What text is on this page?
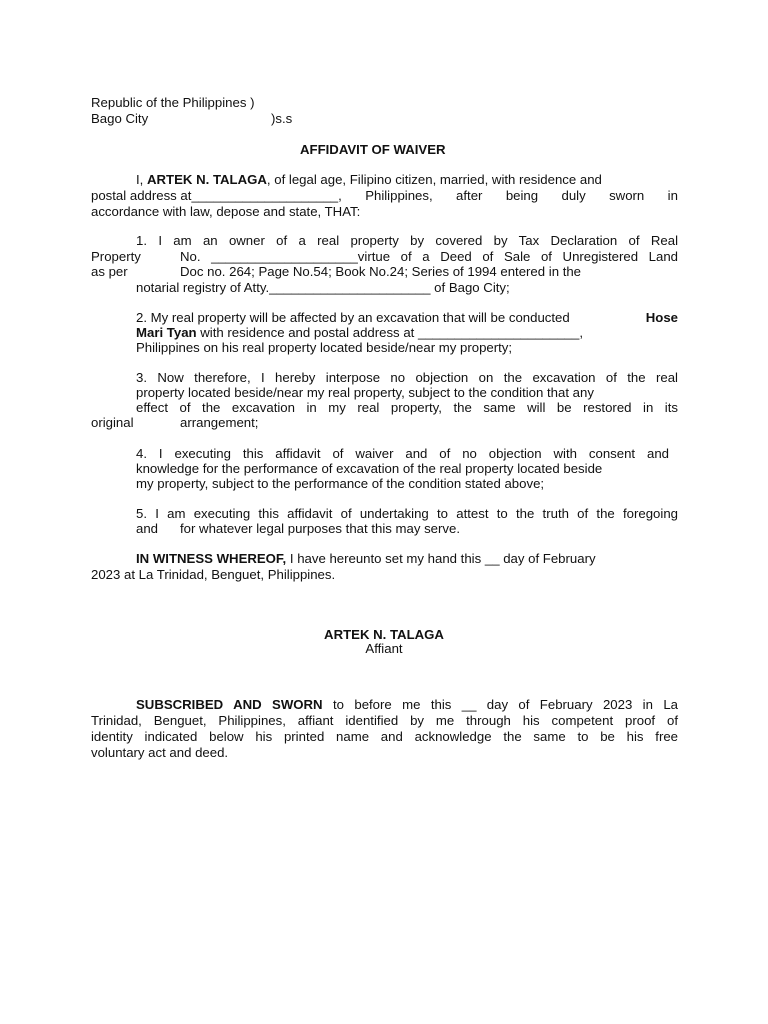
Republic of the Philippines )
Bago City	)s.s
AFFIDAVIT OF WAIVER
I, ARTEK N. TALAGA, of legal age, Filipino citizen, married, with residence and
postal address at____________________, Philippines, after being duly sworn in
accordance with law, depose and state, THAT:
1. I am an owner of a real property by covered by Tax Declaration of Real
Property	No. ____________________virtue of a Deed of Sale of Unregistered Land
as per	Doc no. 264; Page No.54; Book No.24; Series of 1994 entered in the
notarial registry of Atty.______________________ of Bago City;
2. My real property will be affected by an excavation that will be conducted	Hose
Mari Tyan with residence and postal address at ______________________,
Philippines on his real property located beside/near my property;
3. Now therefore, I hereby interpose no objection on the excavation of the real
property located beside/near my real property, subject to the condition that any
effect of the excavation in my real property, the same will be restored in its
original	arrangement;
4. I executing this affidavit of waiver and of no objection with consent and
knowledge for the performance of excavation of the real property located beside
my property, subject to the performance of the condition stated above;
5. I am executing this affidavit of undertaking to attest to the truth of the foregoing
and for whatever legal purposes that this may serve.
IN WITNESS WHEREOF, I have hereunto set my hand this __ day of February
2023 at La Trinidad, Benguet, Philippines.
ARTEK N. TALAGA
Affiant
SUBSCRIBED AND SWORN to before me this __ day of February 2023 in La
Trinidad, Benguet, Philippines, affiant identified by me through his competent proof of
identity indicated below his printed name and acknowledge the same to be his free
voluntary act and deed.
